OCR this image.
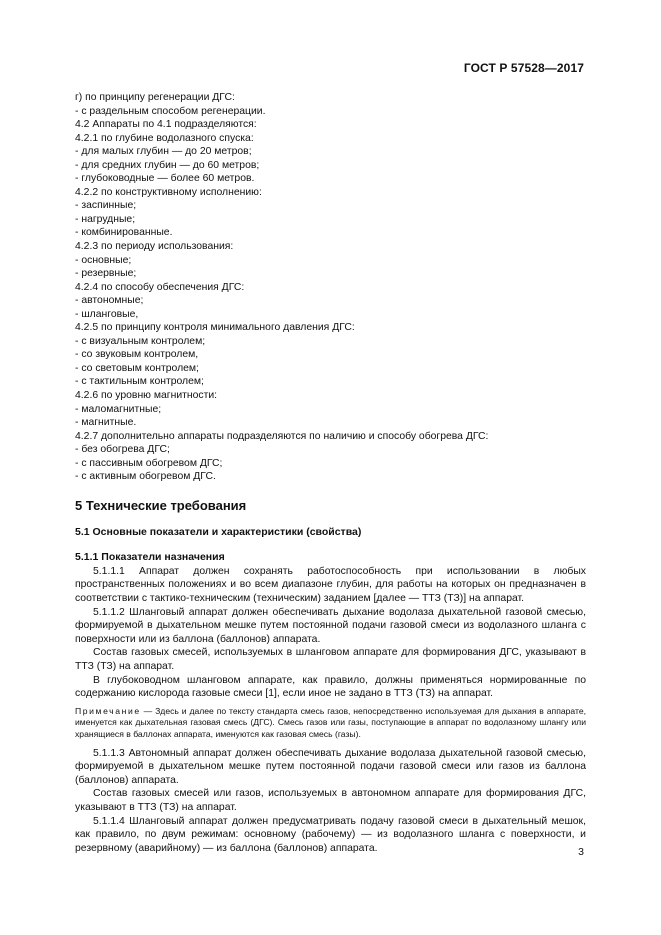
ГОСТ Р 57528—2017
г) по принципу регенерации ДГС:
- с раздельным способом регенерации.
4.2 Аппараты по 4.1 подразделяются:
4.2.1 по глубине водолазного спуска:
- для малых глубин — до 20 метров;
- для средних глубин — до 60 метров;
- глубоководные — более 60 метров.
4.2.2 по конструктивному исполнению:
- заспинные;
- нагрудные;
- комбинированные.
4.2.3 по периоду использования:
- основные;
- резервные;
4.2.4 по способу обеспечения ДГС:
- автономные;
- шланговые,
4.2.5 по принципу контроля минимального давления ДГС:
- с визуальным контролем;
- со звуковым контролем,
- со световым контролем;
- с тактильным контролем;
4.2.6 по уровню магнитности:
- маломагнитные;
- магнитные.
4.2.7 дополнительно аппараты подразделяются по наличию и способу обогрева ДГС:
- без обогрева ДГС;
- с пассивным обогревом ДГС;
- с активным обогревом ДГС.
5 Технические требования
5.1 Основные показатели и характеристики (свойства)
5.1.1 Показатели назначения
5.1.1.1 Аппарат должен сохранять работоспособность при использовании в любых пространственных положениях и во всем диапазоне глубин, для работы на которых он предназначен в соответствии с тактико-техническим (техническим) заданием [далее — ТТЗ (ТЗ)] на аппарат.
5.1.1.2 Шланговый аппарат должен обеспечивать дыхание водолаза дыхательной газовой смесью, формируемой в дыхательном мешке путем постоянной подачи газовой смеси из водолазного шланга с поверхности или из баллона (баллонов) аппарата.
Состав газовых смесей, используемых в шланговом аппарате для формирования ДГС, указывают в ТТЗ (ТЗ) на аппарат.
В глубоководном шланговом аппарате, как правило, должны применяться нормированные по содержанию кислорода газовые смеси [1], если иное не задано в ТТЗ (ТЗ) на аппарат.
Примечание — Здесь и далее по тексту стандарта смесь газов, непосредственно используемая для дыхания в аппарате, именуется как дыхательная газовая смесь (ДГС). Смесь газов или газы, поступающие в аппарат по водолазному шлангу или хранящиеся в баллонах аппарата, именуются как газовая смесь (газы).
5.1.1.3 Автономный аппарат должен обеспечивать дыхание водолаза дыхательной газовой смесью, формируемой в дыхательном мешке путем постоянной подачи газовой смеси или газов из баллона (баллонов) аппарата.
Состав газовых смесей или газов, используемых в автономном аппарате для формирования ДГС, указывают в ТТЗ (ТЗ) на аппарат.
5.1.1.4 Шланговый аппарат должен предусматривать подачу газовой смеси в дыхательный мешок, как правило, по двум режимам: основному (рабочему) — из водолазного шланга с поверхности, и резервному (аварийному) — из баллона (баллонов) аппарата.	3
